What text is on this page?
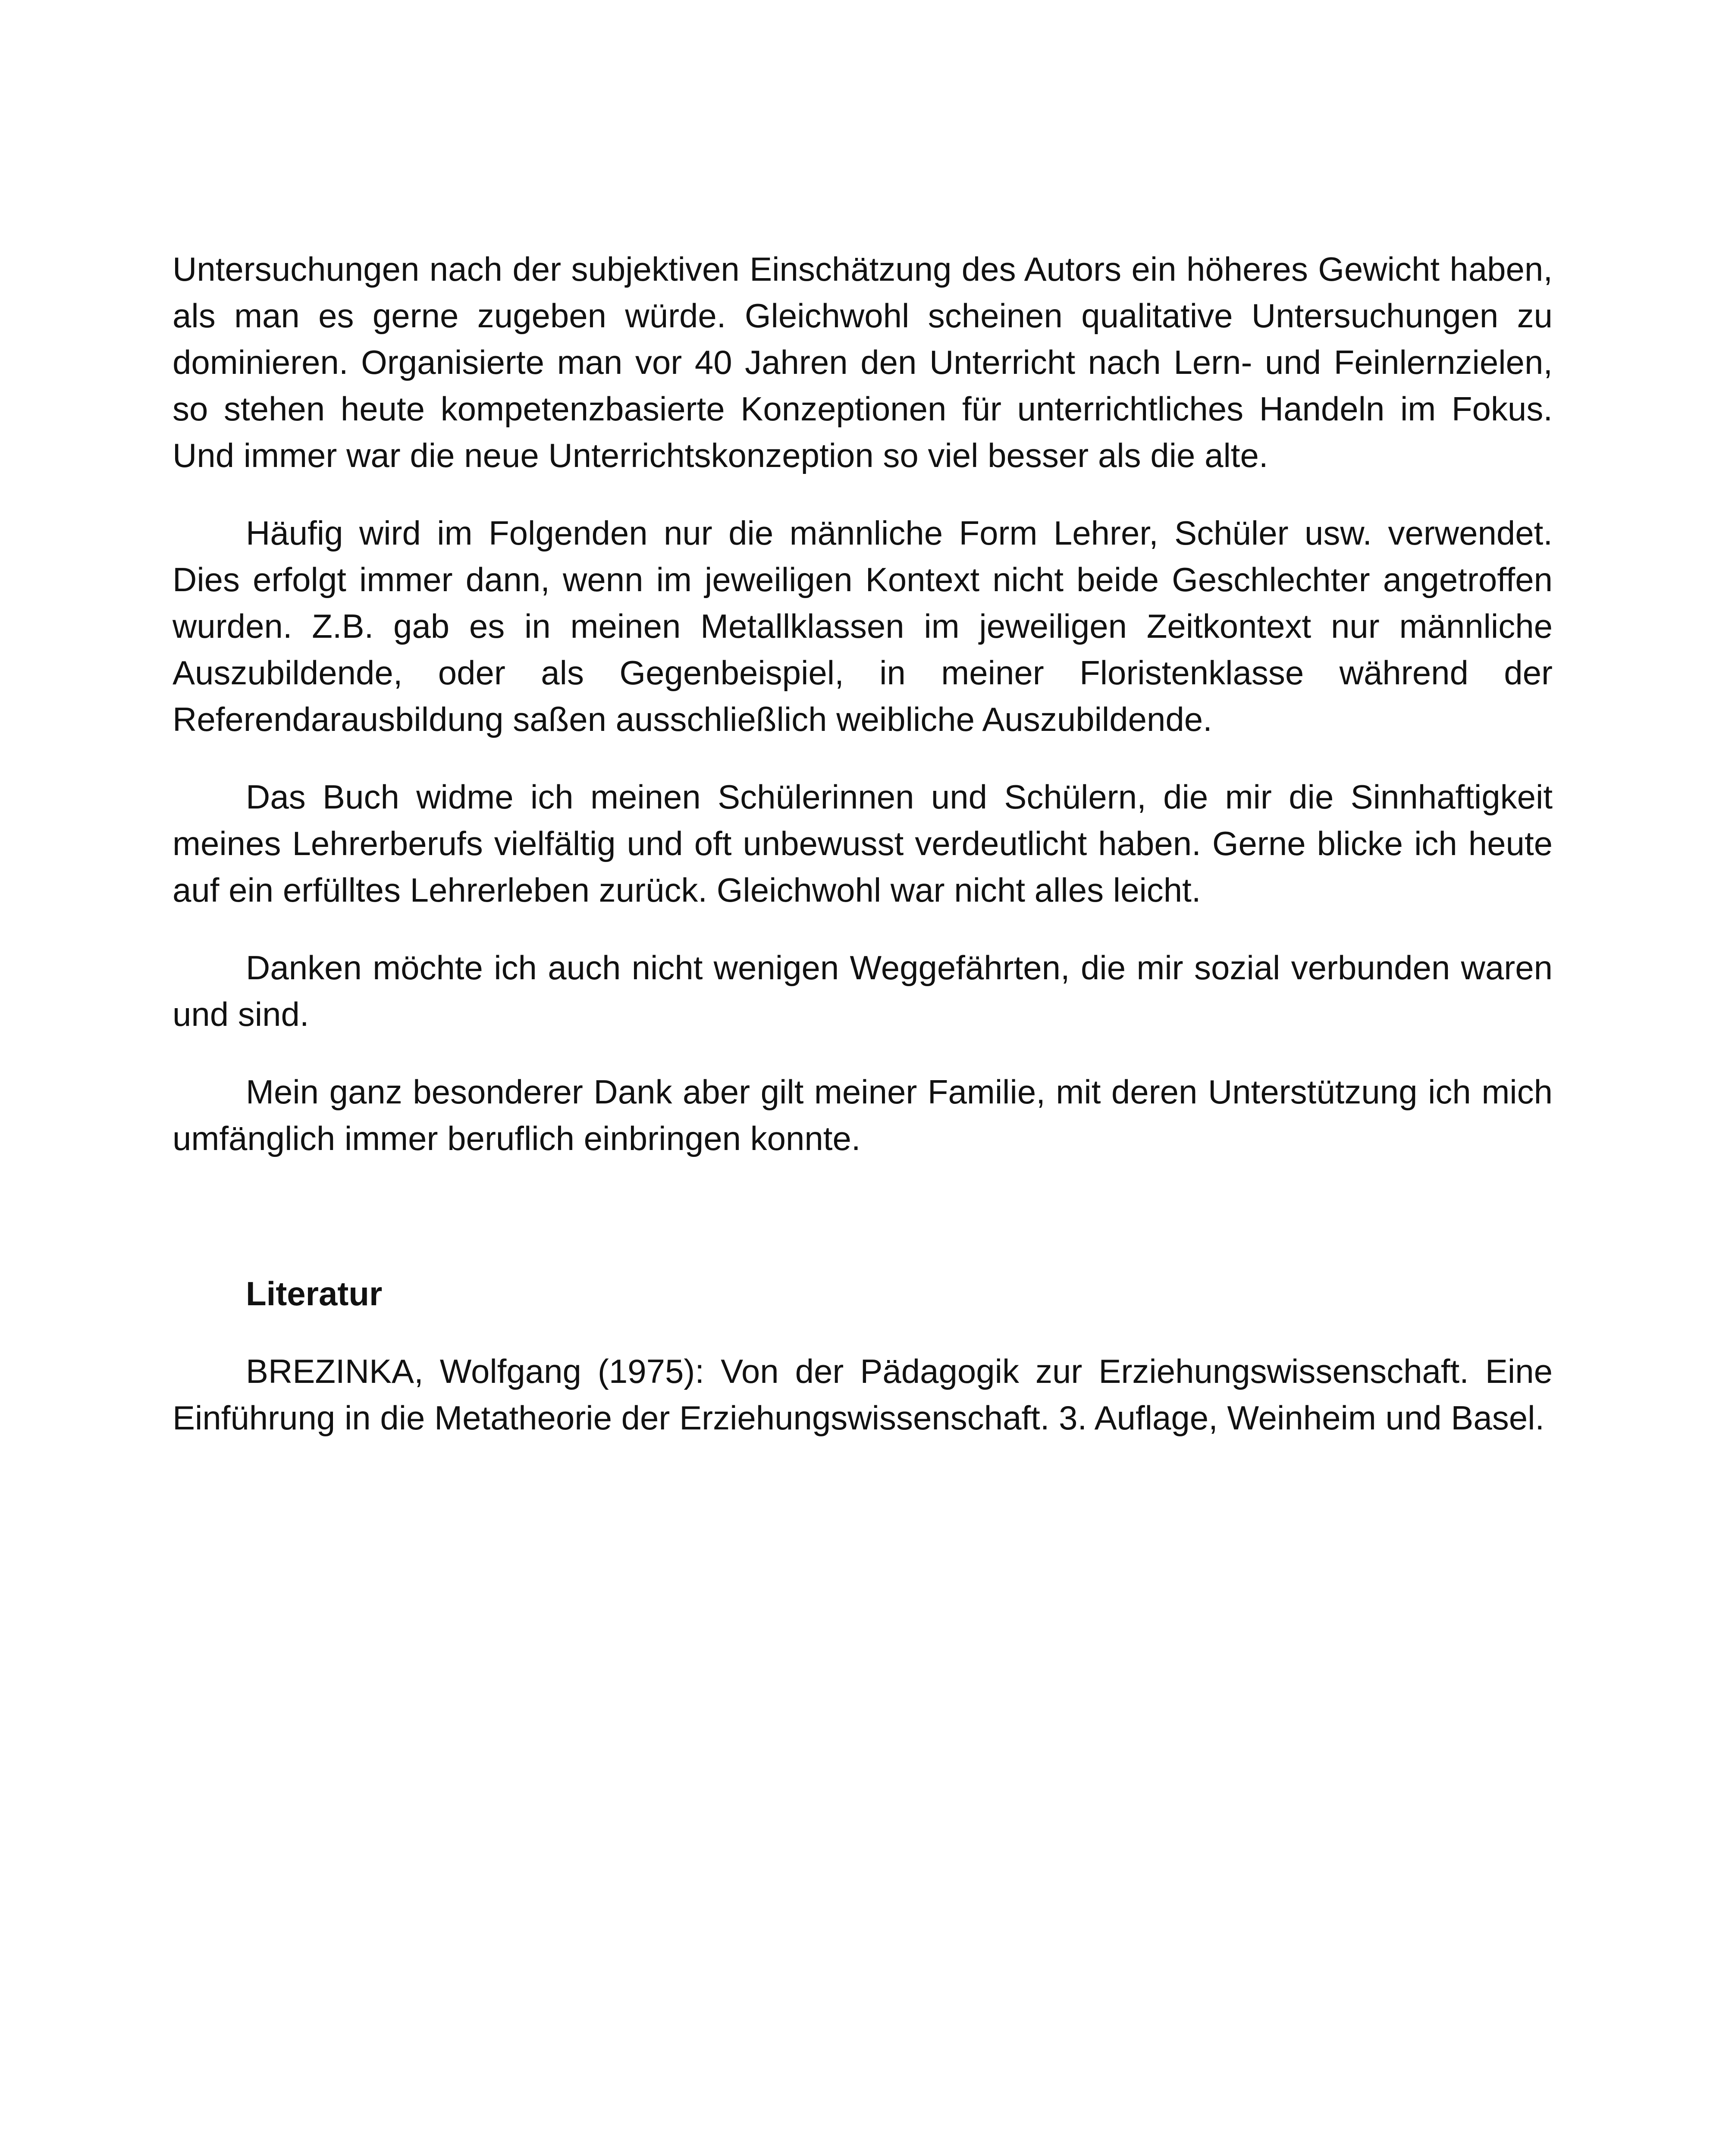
Untersuchungen nach der subjektiven Einschätzung des Autors ein höheres Gewicht haben, als man es gerne zugeben würde. Gleichwohl scheinen qualitative Untersuchungen zu dominieren. Organisierte man vor 40 Jahren den Unterricht nach Lern- und Feinlernzielen, so stehen heute kompetenzbasierte Konzeptionen für unterrichtliches Handeln im Fokus. Und immer war die neue Unterrichtskonzeption so viel besser als die alte.

Häufig wird im Folgenden nur die männliche Form Lehrer, Schüler usw. verwendet. Dies erfolgt immer dann, wenn im jeweiligen Kontext nicht beide Geschlechter angetroffen wurden. Z.B. gab es in meinen Metallklassen im jeweiligen Zeitkontext nur männliche Auszubildende, oder als Gegenbeispiel, in meiner Floristenklasse während der Referendarausbildung saßen ausschließlich weibliche Auszubildende.

Das Buch widme ich meinen Schülerinnen und Schülern, die mir die Sinnhaftigkeit meines Lehrerberufs vielfältig und oft unbewusst verdeutlicht haben. Gerne blicke ich heute auf ein erfülltes Lehrerleben zurück. Gleichwohl war nicht alles leicht.

Danken möchte ich auch nicht wenigen Weggefährten, die mir sozial verbunden waren und sind.

Mein ganz besonderer Dank aber gilt meiner Familie, mit deren Unterstützung ich mich umfänglich immer beruflich einbringen konnte.

Literatur

BREZINKA, Wolfgang (1975): Von der Pädagogik zur Erziehungswissenschaft. Eine Einführung in die Metatheorie der Erziehungswissenschaft. 3. Auflage, Weinheim und Basel.
